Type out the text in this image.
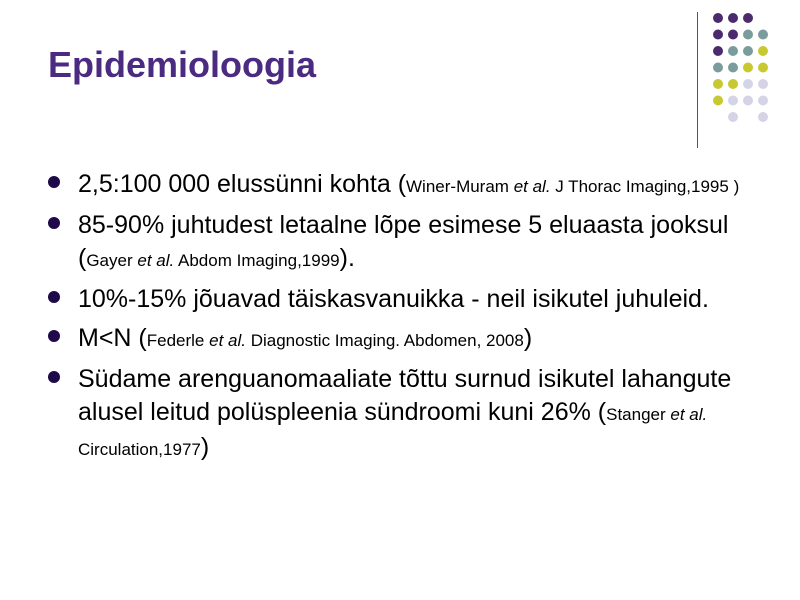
Epidemioloogia
2,5:100 000 elussünni kohta (Winer-Muram et al. J Thorac Imaging,1995 )
85-90% juhtudest letaalne lõpe esimese 5 eluaasta jooksul (Gayer et al. Abdom Imaging,1999).
10%-15% jõuavad täiskasvanuikka - neil isikutel juhuleid.
M<N (Federle et al. Diagnostic Imaging. Abdomen, 2008)
Südame arenguanomaaliate tõttu surnud isikutel lahangute alusel leitud polüspleenia sündroomi kuni 26% (Stanger et al. Circulation,1977)
